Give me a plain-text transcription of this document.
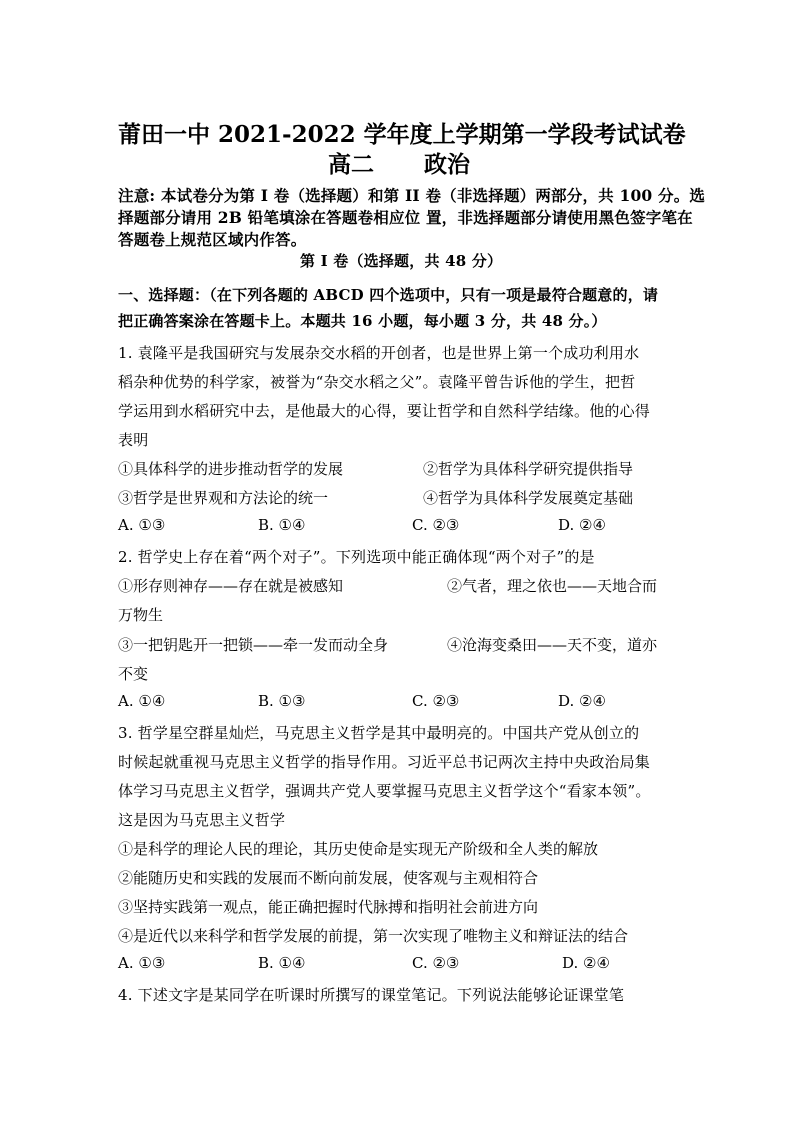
莆田一中 2021-2022 学年度上学期第一学段考试试卷
高二 政治
注意: 本试卷分为第 I 卷（选择题）和第 II 卷（非选择题）两部分，共 100 分。选
择题部分请用 2B 铅笔填涂在答题卷相应位 置，非选择题部分请使用黑色签字笔在
答题卷上规范区域内作答。
第 I 卷（选择题，共 48 分）
一、选择题：（在下列各题的 ABCD 四个选项中，只有一项是最符合题意的，请
把正确答案涂在答题卡上。本题共 16 小题，每小题 3 分，共 48 分。）
1. 袁隆平是我国研究与发展杂交水稻的开创者，也是世界上第一个成功利用水
稻杂种优势的科学家，被誉为“杂交水稻之父”。袁隆平曾告诉他的学生，把哲
学运用到水稻研究中去，是他最大的心得，要让哲学和自然科学结缘。他的心得
表明
①具体科学的进步推动哲学的发展	②哲学为具体科学研究提供指导
③哲学是世界观和方法论的统一	④哲学为具体科学发展奠定基础
A. ①③	B. ①④	C. ②③	D. ②④
2. 哲学史上存在着“两个对子”。下列选项中能正确体现“两个对子”的是
①形存则神存——存在就是被感知	②气者，理之依也——天地合而
万物生
③一把钥匙开一把锁——牵一发而动全身	④沧海变桑田——天不变，道亦
不变
A. ①④	B. ①③	C. ②③	D. ②④
3. 哲学星空群星灿烂，马克思主义哲学是其中最明亮的。中国共产党从创立的
时候起就重视马克思主义哲学的指导作用。习近平总书记两次主持中央政治局集
体学习马克思主义哲学，强调共产党人要掌握马克思主义哲学这个“看家本领”。
这是因为马克思主义哲学
①是科学的理论人民的理论，其历史使命是实现无产阶级和全人类的解放
②能随历史和实践的发展而不断向前发展，使客观与主观相符合
③坚持实践第一观点，能正确把握时代脉搏和指明社会前进方向
④是近代以来科学和哲学发展的前提，第一次实现了唯物主义和辩证法的结合
A. ①③	B. ①④	C. ②③	D. ②④
4. 下述文字是某同学在听课时所撰写的课堂笔记。下列说法能够论证课堂笔
